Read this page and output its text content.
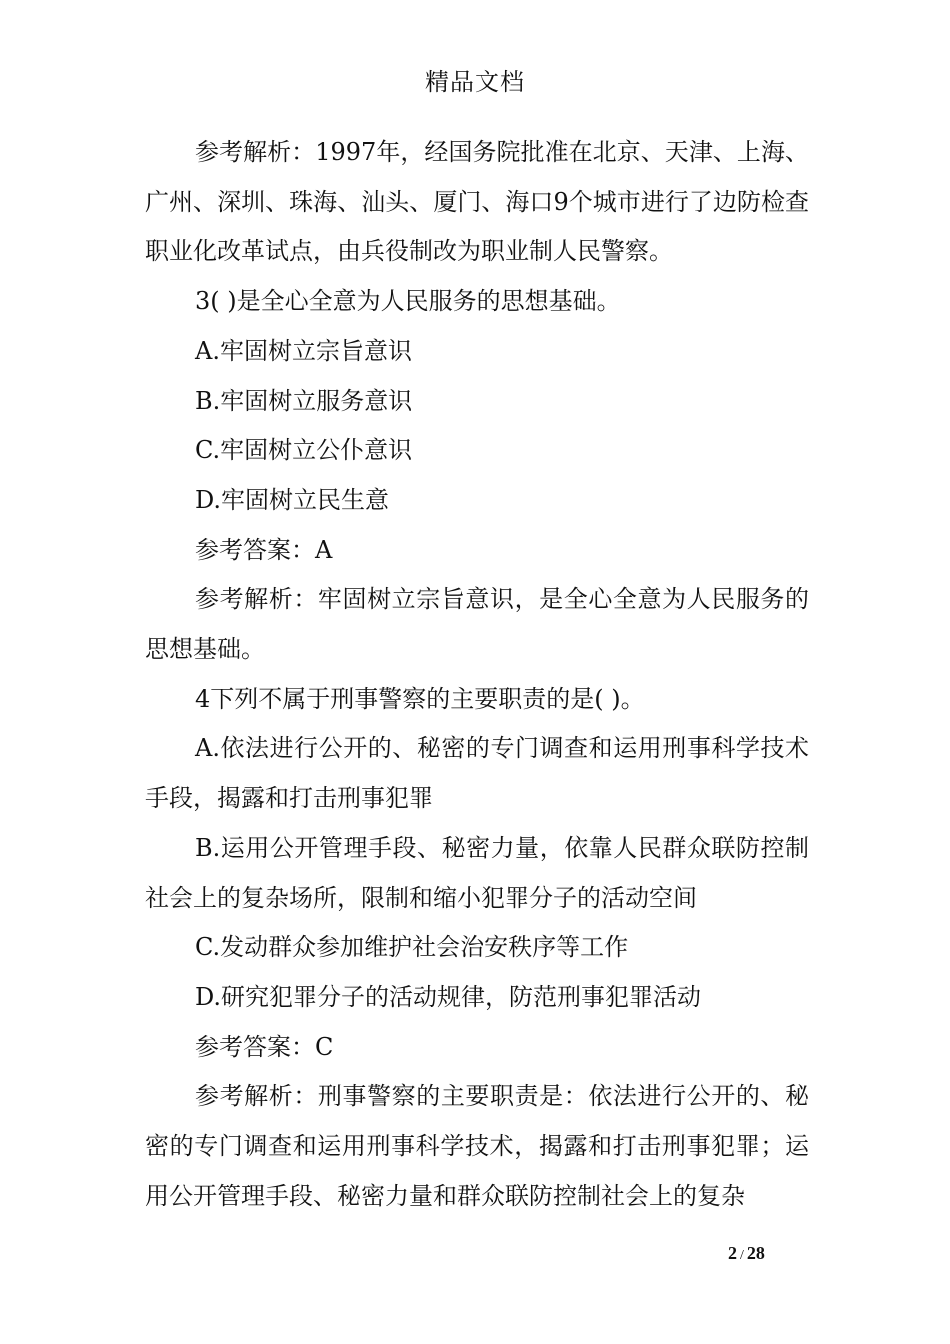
精品文档

参考解析：1997年，经国务院批准在北京、天津、上海、广州、深圳、珠海、汕头、厦门、海口9个城市进行了边防检查职业化改革试点，由兵役制改为职业制人民警察。

3( )是全心全意为人民服务的思想基础。

A.牢固树立宗旨意识

B.牢固树立服务意识

C.牢固树立公仆意识

D.牢固树立民生意

参考答案：A

参考解析：牢固树立宗旨意识，是全心全意为人民服务的思想基础。

4下列不属于刑事警察的主要职责的是( )。

A.依法进行公开的、秘密的专门调查和运用刑事科学技术手段，揭露和打击刑事犯罪

B.运用公开管理手段、秘密力量，依靠人民群众联防控制社会上的复杂场所，限制和缩小犯罪分子的活动空间

C.发动群众参加维护社会治安秩序等工作

D.研究犯罪分子的活动规律，防范刑事犯罪活动

参考答案：C

参考解析：刑事警察的主要职责是：依法进行公开的、秘密的专门调查和运用刑事科学技术，揭露和打击刑事犯罪；运用公开管理手段、秘密力量和群众联防控制社会上的复杂

2 / 28
